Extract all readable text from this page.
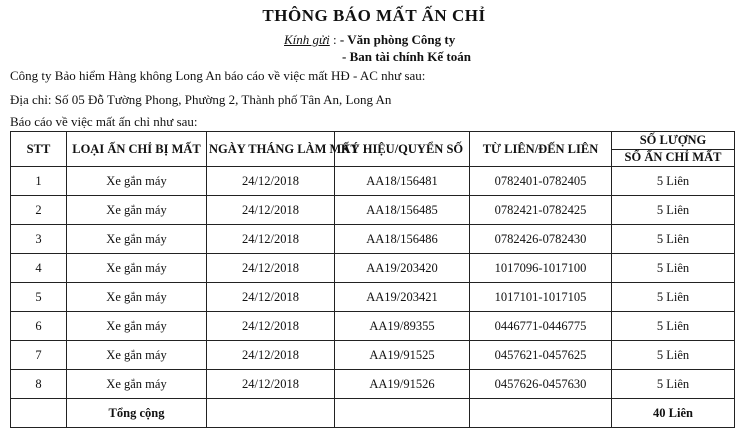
THÔNG BÁO MẤT ẤN CHỈ
Kính gửi : - Văn phòng Công ty
- Ban tài chính Kế toán
Công ty Bảo hiểm Hàng không Long An báo cáo về việc mất HĐ - AC như sau:
Địa chỉ: Số 05 Đỗ Tường Phong, Phường 2, Thành phố Tân An, Long An
Báo cáo về việc mất ấn chỉ như sau:
STT	LOẠI ẤN CHỈ BỊ MẤT	NGÀY THÁNG LÀM MẤT	KÝ HIỆU/QUYỂN SỐ	TỪ LIÊN/ĐẾN LIÊN	SỐ LƯỢNG
SỐ ẤN CHỈ MẤT
1	Xe gắn máy	24/12/2018	AA18/156481	0782401-0782405	5 Liên
2	Xe gắn máy	24/12/2018	AA18/156485	0782421-0782425	5 Liên
3	Xe gắn máy	24/12/2018	AA18/156486	0782426-0782430	5 Liên
4	Xe gắn máy	24/12/2018	AA19/203420	1017096-1017100	5 Liên
5	Xe gắn máy	24/12/2018	AA19/203421	1017101-1017105	5 Liên
6	Xe gắn máy	24/12/2018	AA19/89355	0446771-0446775	5 Liên
7	Xe gắn máy	24/12/2018	AA19/91525	0457621-0457625	5 Liên
8	Xe gắn máy	24/12/2018	AA19/91526	0457626-0457630	5 Liên
	Tổng cộng				40 Liên
